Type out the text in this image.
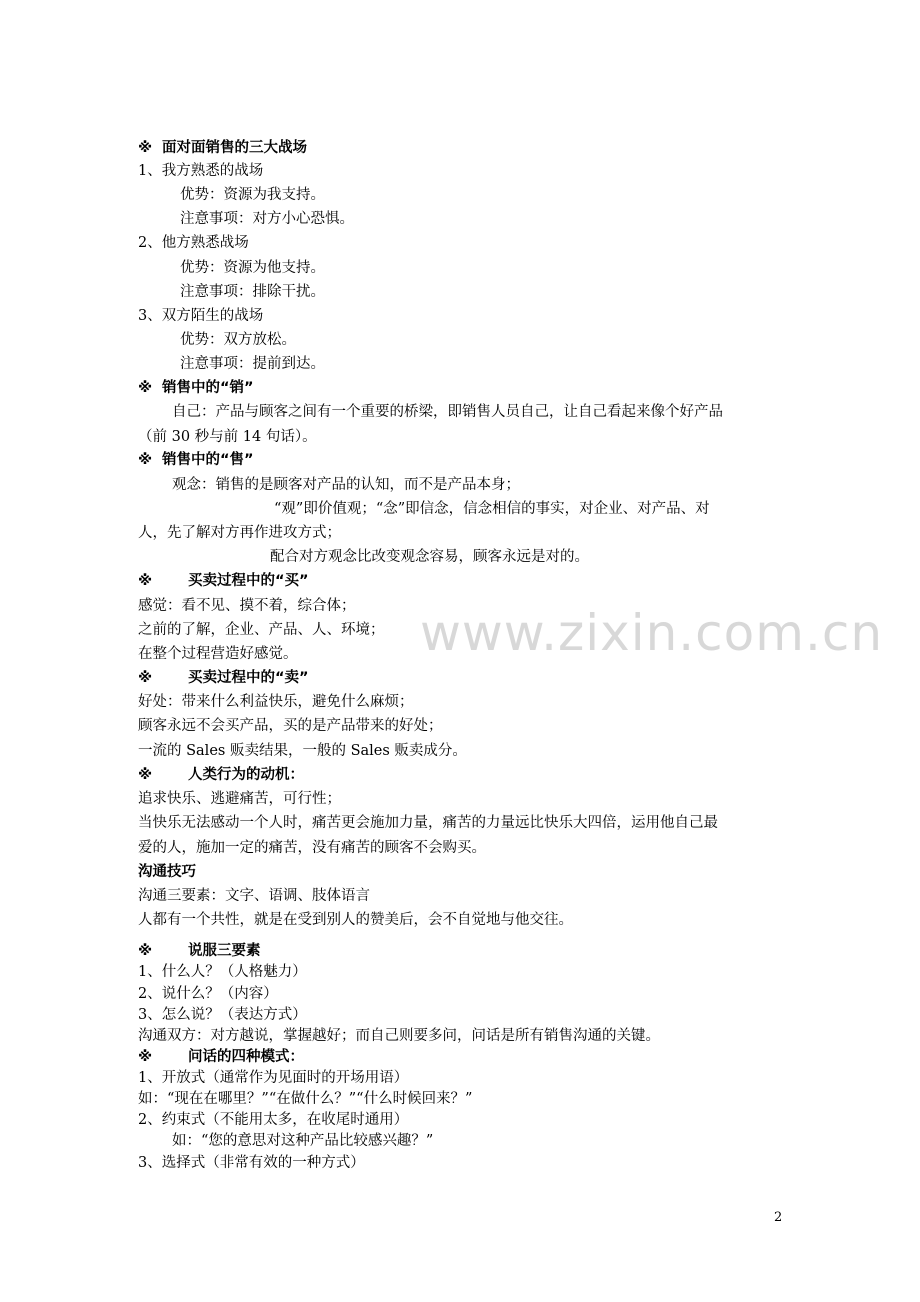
www.zixin.com.cn
※ 面对面销售的三大战场
1、我方熟悉的战场
优势：资源为我支持。
注意事项：对方小心恐惧。
2、他方熟悉战场
优势：资源为他支持。
注意事项：排除干扰。
3、双方陌生的战场
优势：双方放松。
注意事项：提前到达。
※ 销售中的“销”
自己：产品与顾客之间有一个重要的桥梁，即销售人员自己，让自己看起来像个好产品
（前 30 秒与前 14 句话）。
※ 销售中的“售”
观念：销售的是顾客对产品的认知，而不是产品本身；
“观”即价值观；“念”即信念，信念相信的事实，对企业、对产品、对
人，先了解对方再作进攻方式；
配合对方观念比改变观念容易，顾客永远是对的。
※ 买卖过程中的“买”
感觉：看不见、摸不着，综合体；
之前的了解，企业、产品、人、环境；
在整个过程营造好感觉。
※ 买卖过程中的“卖”
好处：带来什么利益快乐，避免什么麻烦；
顾客永远不会买产品，买的是产品带来的好处；
一流的 Sales 贩卖结果，一般的 Sales 贩卖成分。
※ 人类行为的动机：
追求快乐、逃避痛苦，可行性；
当快乐无法感动一个人时，痛苦更会施加力量，痛苦的力量远比快乐大四倍，运用他自己最
爱的人，施加一定的痛苦，没有痛苦的顾客不会购买。
沟通技巧
沟通三要素：文字、语调、肢体语言
人都有一个共性，就是在受到别人的赞美后，会不自觉地与他交往。
※ 说服三要素
1、什么人？（人格魅力）
2、说什么？（内容）
3、怎么说？（表达方式）
沟通双方：对方越说，掌握越好；而自己则要多问，问话是所有销售沟通的关键。
※ 问话的四种模式：
1、开放式（通常作为见面时的开场用语）
如：“现在在哪里？”“在做什么？”“什么时候回来？”
2、约束式（不能用太多，在收尾时通用）
如：“您的意思对这种产品比较感兴趣？”
3、选择式（非常有效的一种方式）
2
